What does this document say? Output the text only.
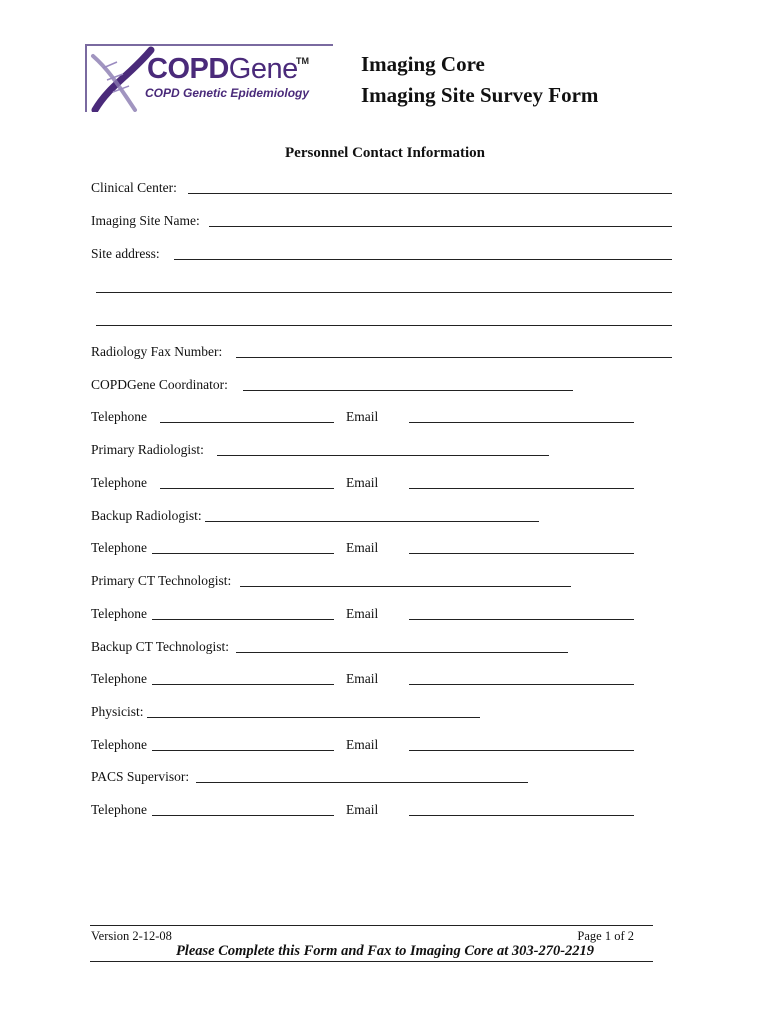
COPDGene
TM
COPD Genetic Epidemiology
Imaging Core
Imaging Site Survey Form
Personnel Contact Information
Clinical Center:
Imaging Site Name:
Site address:
Radiology Fax Number:
COPDGene Coordinator:
Telephone	Email
Primary Radiologist:
Telephone	Email
Backup Radiologist:
Telephone	Email
Primary CT Technologist:
Telephone	Email
Backup CT Technologist:
Telephone	Email
Physicist:
Telephone	Email
PACS Supervisor:
Telephone	Email
Version 2-12-08	Page 1 of 2
Please Complete this Form and Fax to Imaging Core at 303-270-2219
